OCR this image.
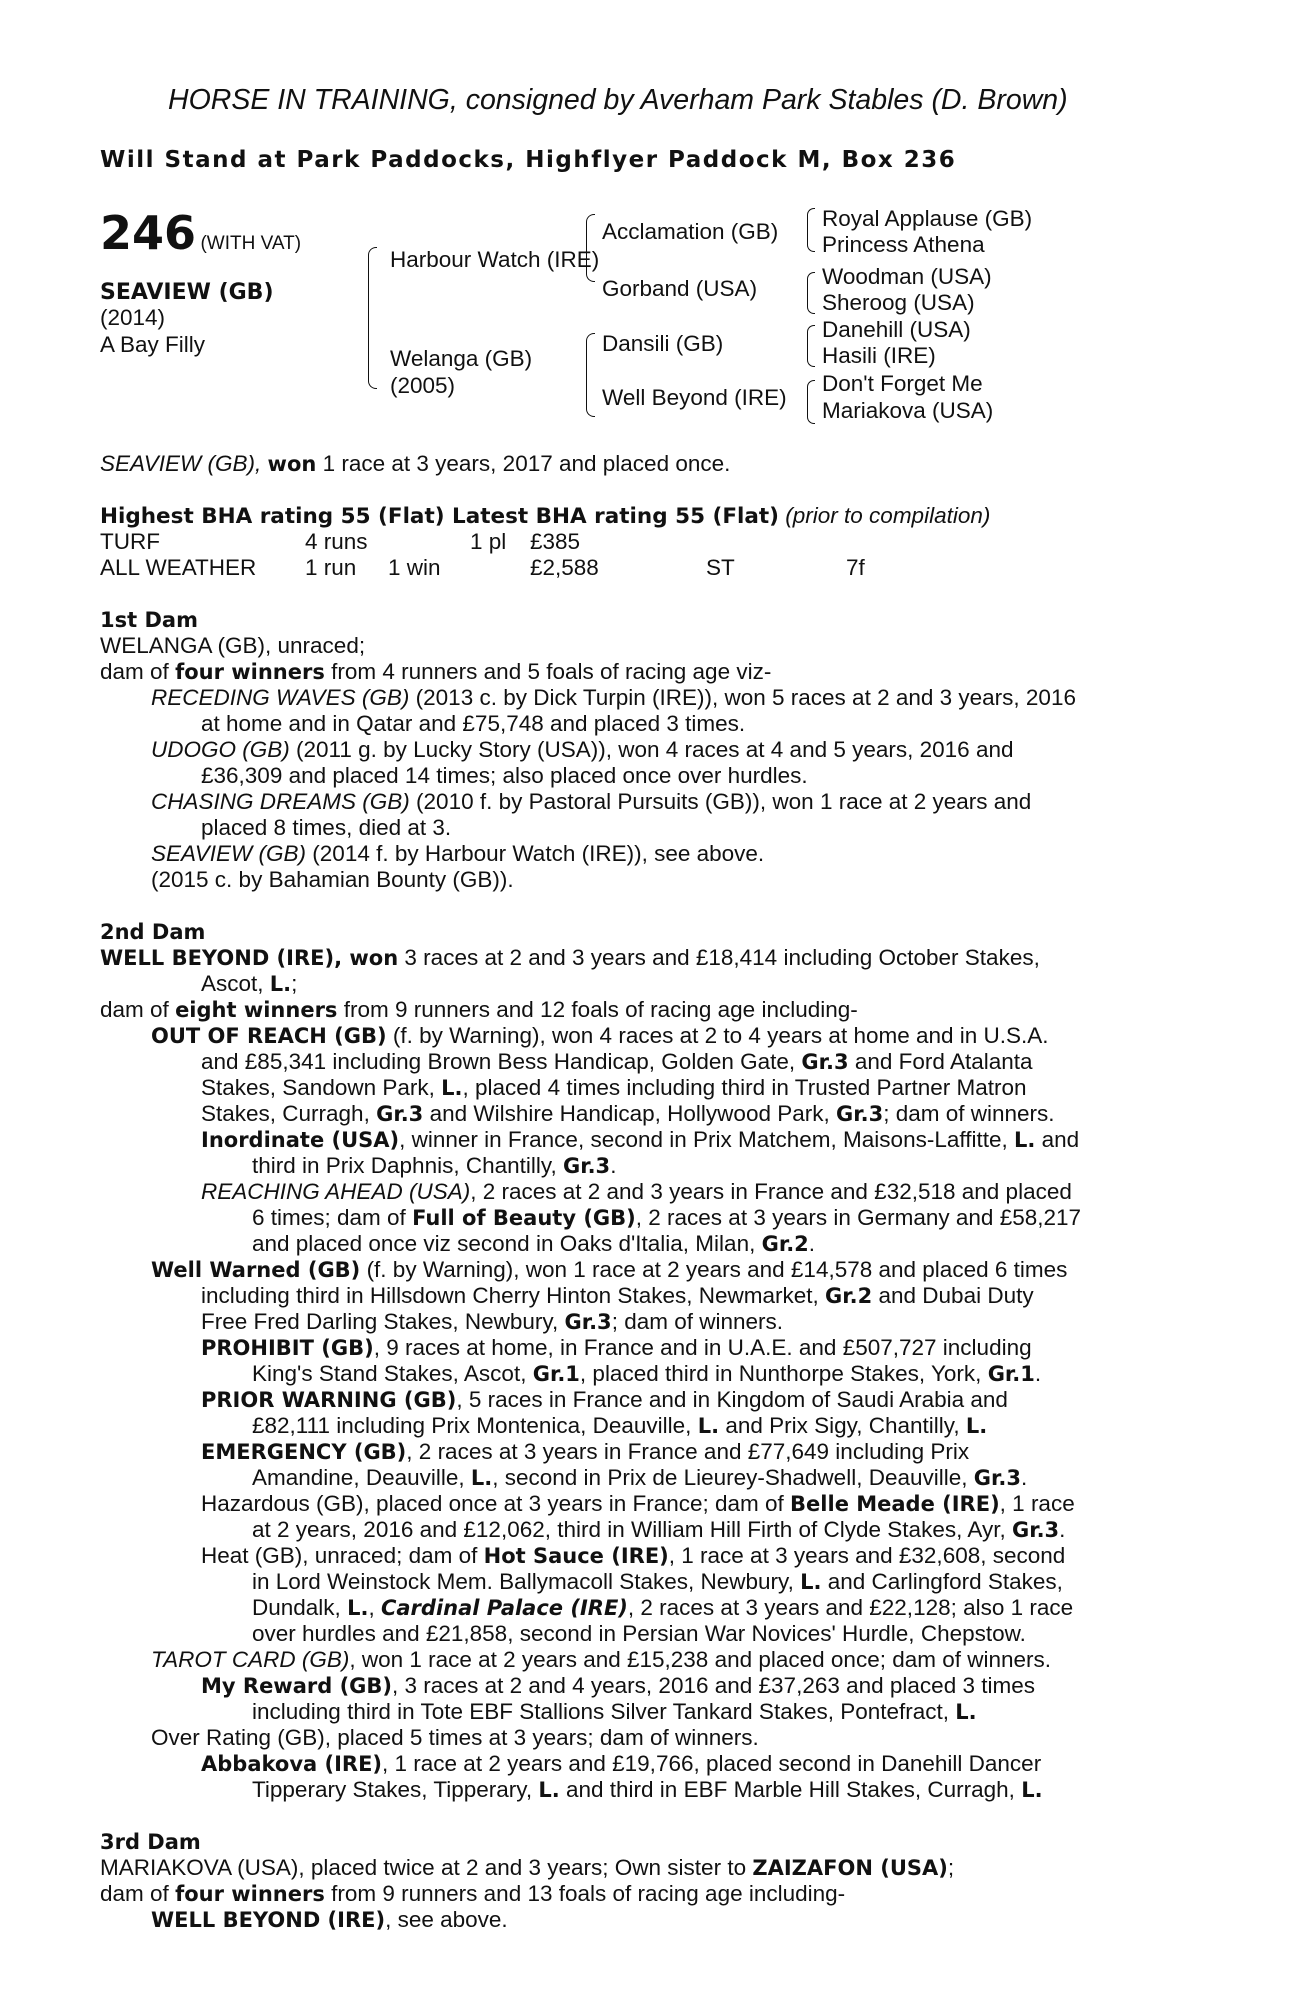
HORSE IN TRAINING, consigned by Averham Park Stables (D. Brown)
Will Stand at Park Paddocks, Highflyer Paddock M, Box 236
246 (WITH VAT)
SEAVIEW (GB)
(2014)
A Bay Filly
Harbour Watch (IRE)
Welanga (GB)
(2005)
Acclamation (GB)
Gorband (USA)
Dansili (GB)
Well Beyond (IRE)
Royal Applause (GB)
Princess Athena
Woodman (USA)
Sheroog (USA)
Danehill (USA)
Hasili (IRE)
Don't Forget Me
Mariakova (USA)
SEAVIEW (GB), won 1 race at 3 years, 2017 and placed once.
Highest BHA rating 55 (Flat) Latest BHA rating 55 (Flat) (prior to compilation)
TURF	4 runs	1 pl £385
ALL WEATHER 1 run 1 win	£2,588	ST	7f
1st Dam
WELANGA (GB), unraced;
dam of four winners from 4 runners and 5 foals of racing age viz-
RECEDING WAVES (GB) (2013 c. by Dick Turpin (IRE)), won 5 races at 2 and 3 years, 2016
at home and in Qatar and £75,748 and placed 3 times.
UDOGO (GB) (2011 g. by Lucky Story (USA)), won 4 races at 4 and 5 years, 2016 and
£36,309 and placed 14 times; also placed once over hurdles.
CHASING DREAMS (GB) (2010 f. by Pastoral Pursuits (GB)), won 1 race at 2 years and
placed 8 times, died at 3.
SEAVIEW (GB) (2014 f. by Harbour Watch (IRE)), see above.
(2015 c. by Bahamian Bounty (GB)).
2nd Dam
WELL BEYOND (IRE), won 3 races at 2 and 3 years and £18,414 including October Stakes,
Ascot, L.;
dam of eight winners from 9 runners and 12 foals of racing age including-
OUT OF REACH (GB) (f. by Warning), won 4 races at 2 to 4 years at home and in U.S.A.
and £85,341 including Brown Bess Handicap, Golden Gate, Gr.3 and Ford Atalanta
Stakes, Sandown Park, L., placed 4 times including third in Trusted Partner Matron
Stakes, Curragh, Gr.3 and Wilshire Handicap, Hollywood Park, Gr.3; dam of winners.
Inordinate (USA), winner in France, second in Prix Matchem, Maisons-Laffitte, L. and
third in Prix Daphnis, Chantilly, Gr.3.
REACHING AHEAD (USA), 2 races at 2 and 3 years in France and £32,518 and placed
6 times; dam of Full of Beauty (GB), 2 races at 3 years in Germany and £58,217
and placed once viz second in Oaks d'Italia, Milan, Gr.2.
Well Warned (GB) (f. by Warning), won 1 race at 2 years and £14,578 and placed 6 times
including third in Hillsdown Cherry Hinton Stakes, Newmarket, Gr.2 and Dubai Duty
Free Fred Darling Stakes, Newbury, Gr.3; dam of winners.
PROHIBIT (GB), 9 races at home, in France and in U.A.E. and £507,727 including
King's Stand Stakes, Ascot, Gr.1, placed third in Nunthorpe Stakes, York, Gr.1.
PRIOR WARNING (GB), 5 races in France and in Kingdom of Saudi Arabia and
£82,111 including Prix Montenica, Deauville, L. and Prix Sigy, Chantilly, L.
EMERGENCY (GB), 2 races at 3 years in France and £77,649 including Prix
Amandine, Deauville, L., second in Prix de Lieurey-Shadwell, Deauville, Gr.3.
Hazardous (GB), placed once at 3 years in France; dam of Belle Meade (IRE), 1 race
at 2 years, 2016 and £12,062, third in William Hill Firth of Clyde Stakes, Ayr, Gr.3.
Heat (GB), unraced; dam of Hot Sauce (IRE), 1 race at 3 years and £32,608, second
in Lord Weinstock Mem. Ballymacoll Stakes, Newbury, L. and Carlingford Stakes,
Dundalk, L., Cardinal Palace (IRE), 2 races at 3 years and £22,128; also 1 race
over hurdles and £21,858, second in Persian War Novices' Hurdle, Chepstow.
TAROT CARD (GB), won 1 race at 2 years and £15,238 and placed once; dam of winners.
My Reward (GB), 3 races at 2 and 4 years, 2016 and £37,263 and placed 3 times
including third in Tote EBF Stallions Silver Tankard Stakes, Pontefract, L.
Over Rating (GB), placed 5 times at 3 years; dam of winners.
Abbakova (IRE), 1 race at 2 years and £19,766, placed second in Danehill Dancer
Tipperary Stakes, Tipperary, L. and third in EBF Marble Hill Stakes, Curragh, L.
3rd Dam
MARIAKOVA (USA), placed twice at 2 and 3 years; Own sister to ZAIZAFON (USA);
dam of four winners from 9 runners and 13 foals of racing age including-
WELL BEYOND (IRE), see above.
